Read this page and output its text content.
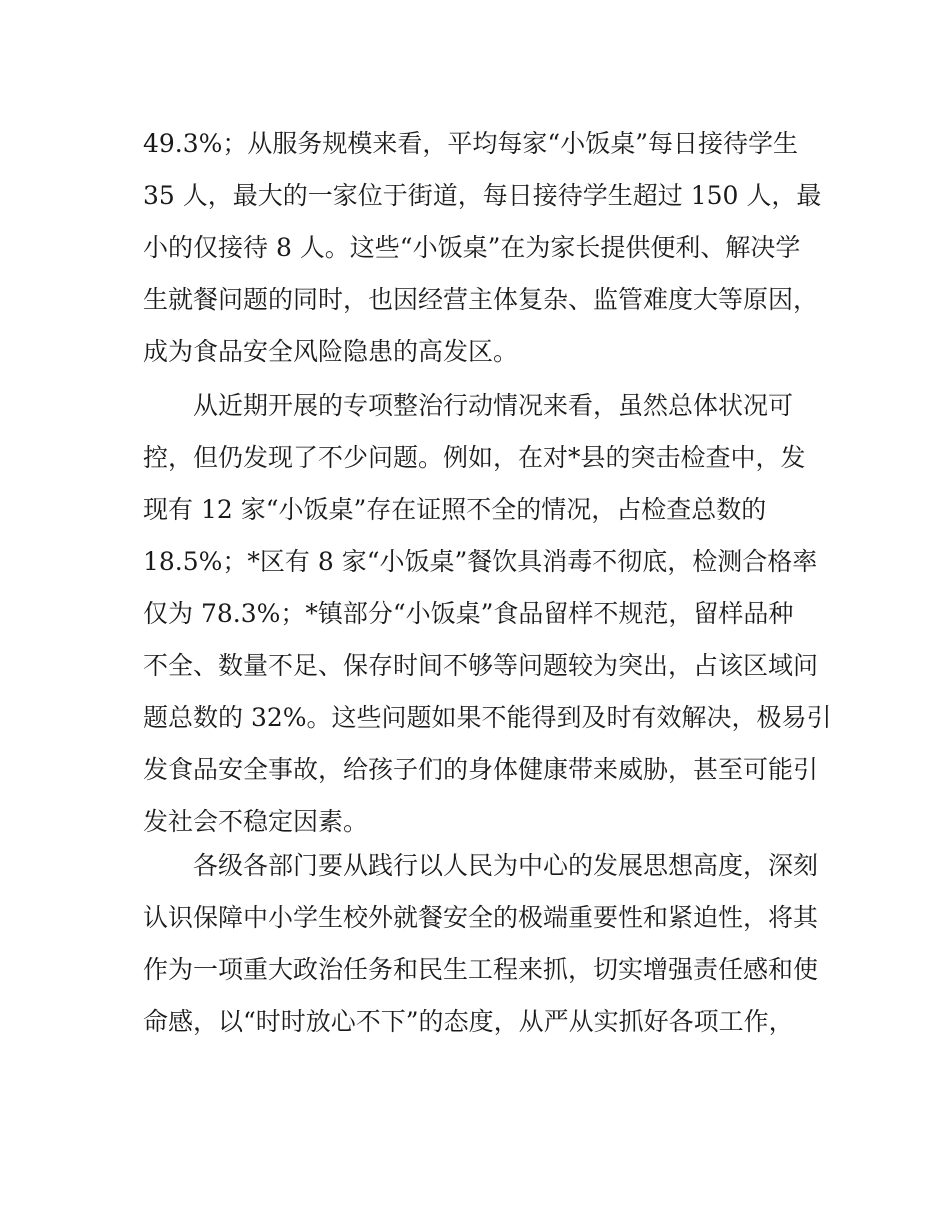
49.3%；从服务规模来看，平均每家“小饭桌”每日接待学生
35 人，最大的一家位于街道，每日接待学生超过 150 人，最
小的仅接待 8 人。这些“小饭桌”在为家长提供便利、解决学
生就餐问题的同时，也因经营主体复杂、监管难度大等原因，
成为食品安全风险隐患的高发区。
　　从近期开展的专项整治行动情况来看，虽然总体状况可
控，但仍发现了不少问题。例如，在对*县的突击检查中，发
现有 12 家“小饭桌”存在证照不全的情况，占检查总数的
18.5%；*区有 8 家“小饭桌”餐饮具消毒不彻底，检测合格率
仅为 78.3%；*镇部分“小饭桌”食品留样不规范，留样品种
不全、数量不足、保存时间不够等问题较为突出，占该区域问
题总数的 32%。这些问题如果不能得到及时有效解决，极易引
发食品安全事故，给孩子们的身体健康带来威胁，甚至可能引
发社会不稳定因素。
　　各级各部门要从践行以人民为中心的发展思想高度，深刻
认识保障中小学生校外就餐安全的极端重要性和紧迫性，将其
作为一项重大政治任务和民生工程来抓，切实增强责任感和使
命感，以“时时放心不下”的态度，从严从实抓好各项工作，
